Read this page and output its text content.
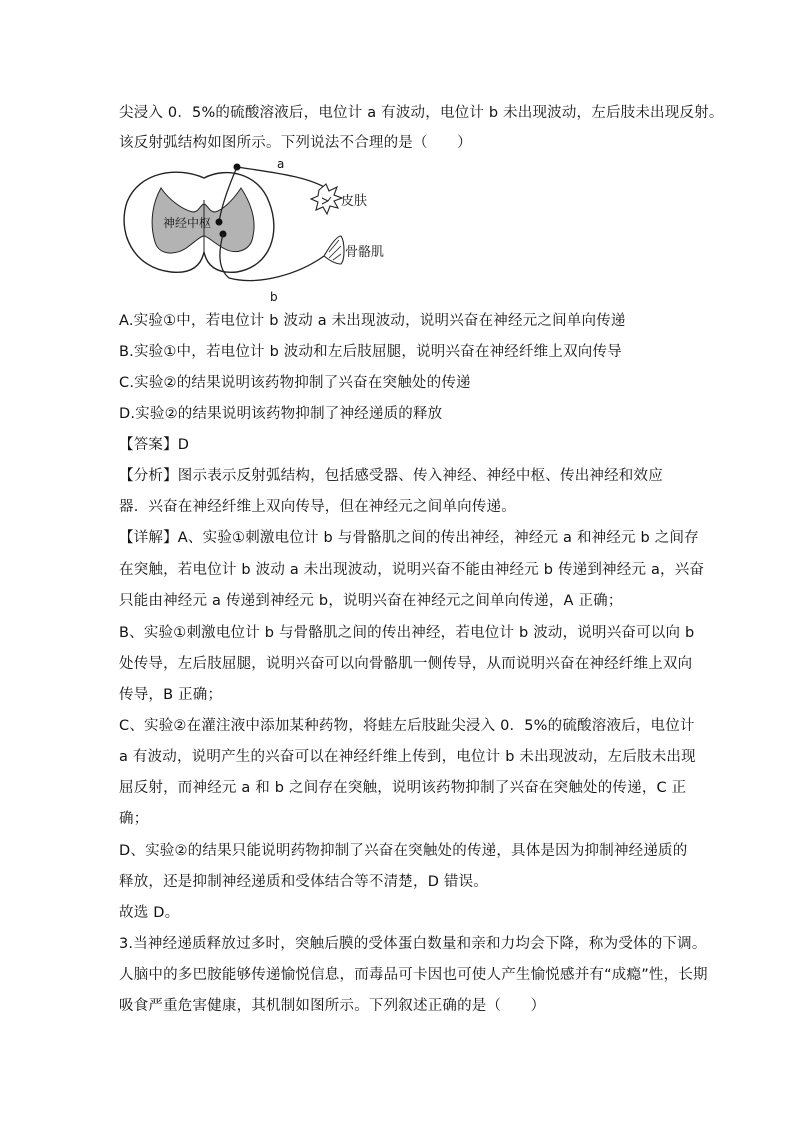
尖浸入 0．5%的硫酸溶液后，电位计 a 有波动，电位计 b 未出现波动，左后肢未出现反射。
该反射弧结构如图所示。下列说法不合理的是（　　）
神经中枢
a
皮肤
b
骨骼肌
A.实验①中，若电位计 b 波动 a 未出现波动，说明兴奋在神经元之间单向传递
B.实验①中，若电位计 b 波动和左后肢屈腿，说明兴奋在神经纤维上双向传导
C.实验②的结果说明该药物抑制了兴奋在突触处的传递
D.实验②的结果说明该药物抑制了神经递质的释放
【答案】D
【分析】图示表示反射弧结构，包括感受器、传入神经、神经中枢、传出神经和效应
器．兴奋在神经纤维上双向传导，但在神经元之间单向传递。
【详解】A、实验①刺激电位计 b 与骨骼肌之间的传出神经，神经元 a 和神经元 b 之间存
在突触，若电位计 b 波动 a 未出现波动，说明兴奋不能由神经元 b 传递到神经元 a，兴奋
只能由神经元 a 传递到神经元 b，说明兴奋在神经元之间单向传递，A 正确；
B、实验①刺激电位计 b 与骨骼肌之间的传出神经，若电位计 b 波动，说明兴奋可以向 b
处传导，左后肢屈腿，说明兴奋可以向骨骼肌一侧传导，从而说明兴奋在神经纤维上双向
传导，B 正确；
C、实验②在灌注液中添加某种药物，将蛙左后肢趾尖浸入 0．5%的硫酸溶液后，电位计
a 有波动，说明产生的兴奋可以在神经纤维上传到，电位计 b 未出现波动，左后肢未出现
屈反射，而神经元 a 和 b 之间存在突触，说明该药物抑制了兴奋在突触处的传递，C 正
确；
D、实验②的结果只能说明药物抑制了兴奋在突触处的传递，具体是因为抑制神经递质的
释放，还是抑制神经递质和受体结合等不清楚，D 错误。
故选 D。
3.当神经递质释放过多时，突触后膜的受体蛋白数量和亲和力均会下降，称为受体的下调。
人脑中的多巴胺能够传递愉悦信息，而毒品可卡因也可使人产生愉悦感并有“成瘾”性，长期
吸食严重危害健康，其机制如图所示。下列叙述正确的是（　　）
